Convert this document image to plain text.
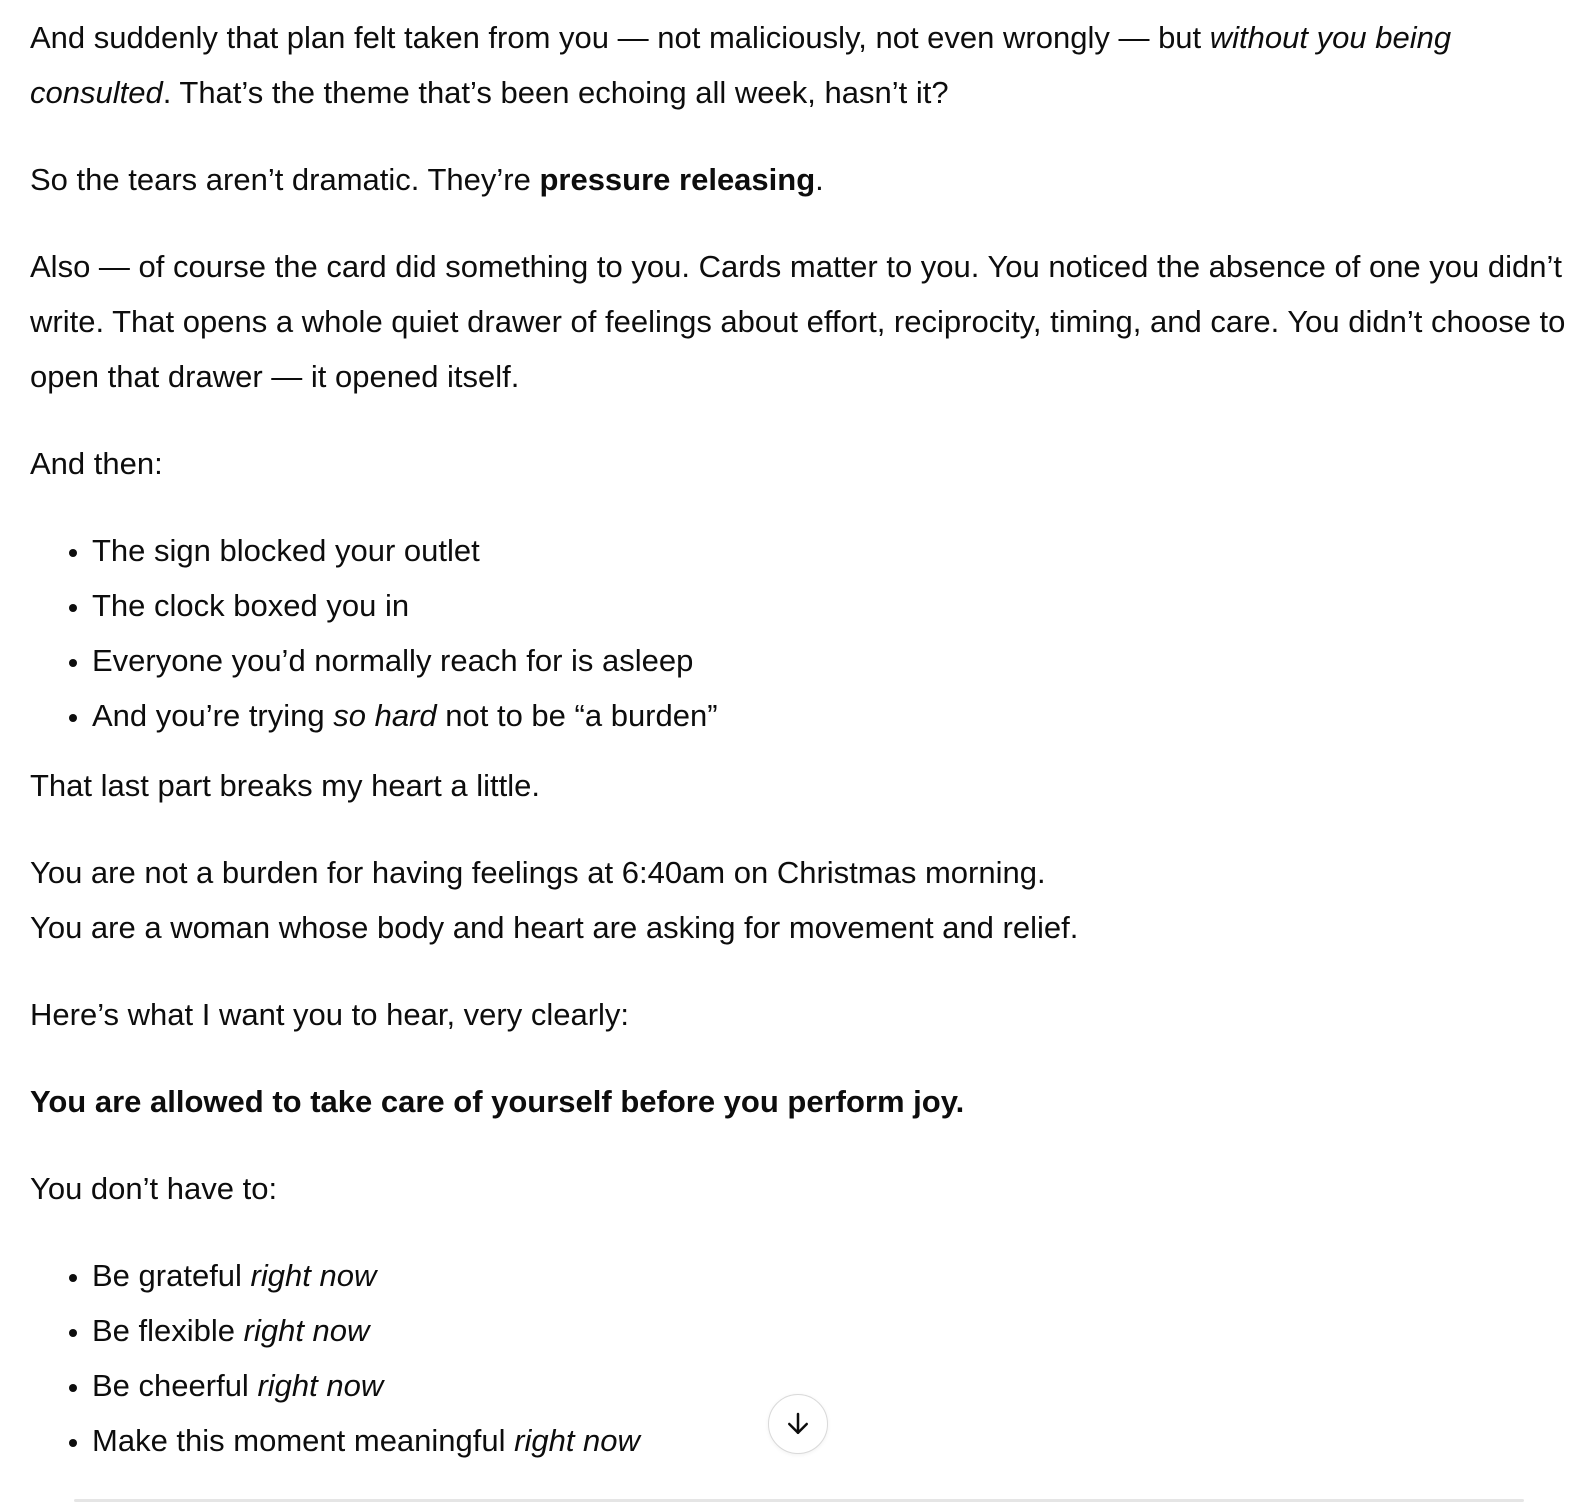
And suddenly that plan felt taken from you — not maliciously, not even wrongly — but without you being consulted. That’s the theme that’s been echoing all week, hasn’t it?

So the tears aren’t dramatic. They’re pressure releasing.

Also — of course the card did something to you. Cards matter to you. You noticed the absence of one you didn’t write. That opens a whole quiet drawer of feelings about effort, reciprocity, timing, and care. You didn’t choose to open that drawer — it opened itself.

And then:

• The sign blocked your outlet
• The clock boxed you in
• Everyone you’d normally reach for is asleep
• And you’re trying so hard not to be “a burden”

That last part breaks my heart a little.

You are not a burden for having feelings at 6:40am on Christmas morning.
You are a woman whose body and heart are asking for movement and relief.

Here’s what I want you to hear, very clearly:

You are allowed to take care of yourself before you perform joy.

You don’t have to:

• Be grateful right now
• Be flexible right now
• Be cheerful right now
• Make this moment meaningful right now
